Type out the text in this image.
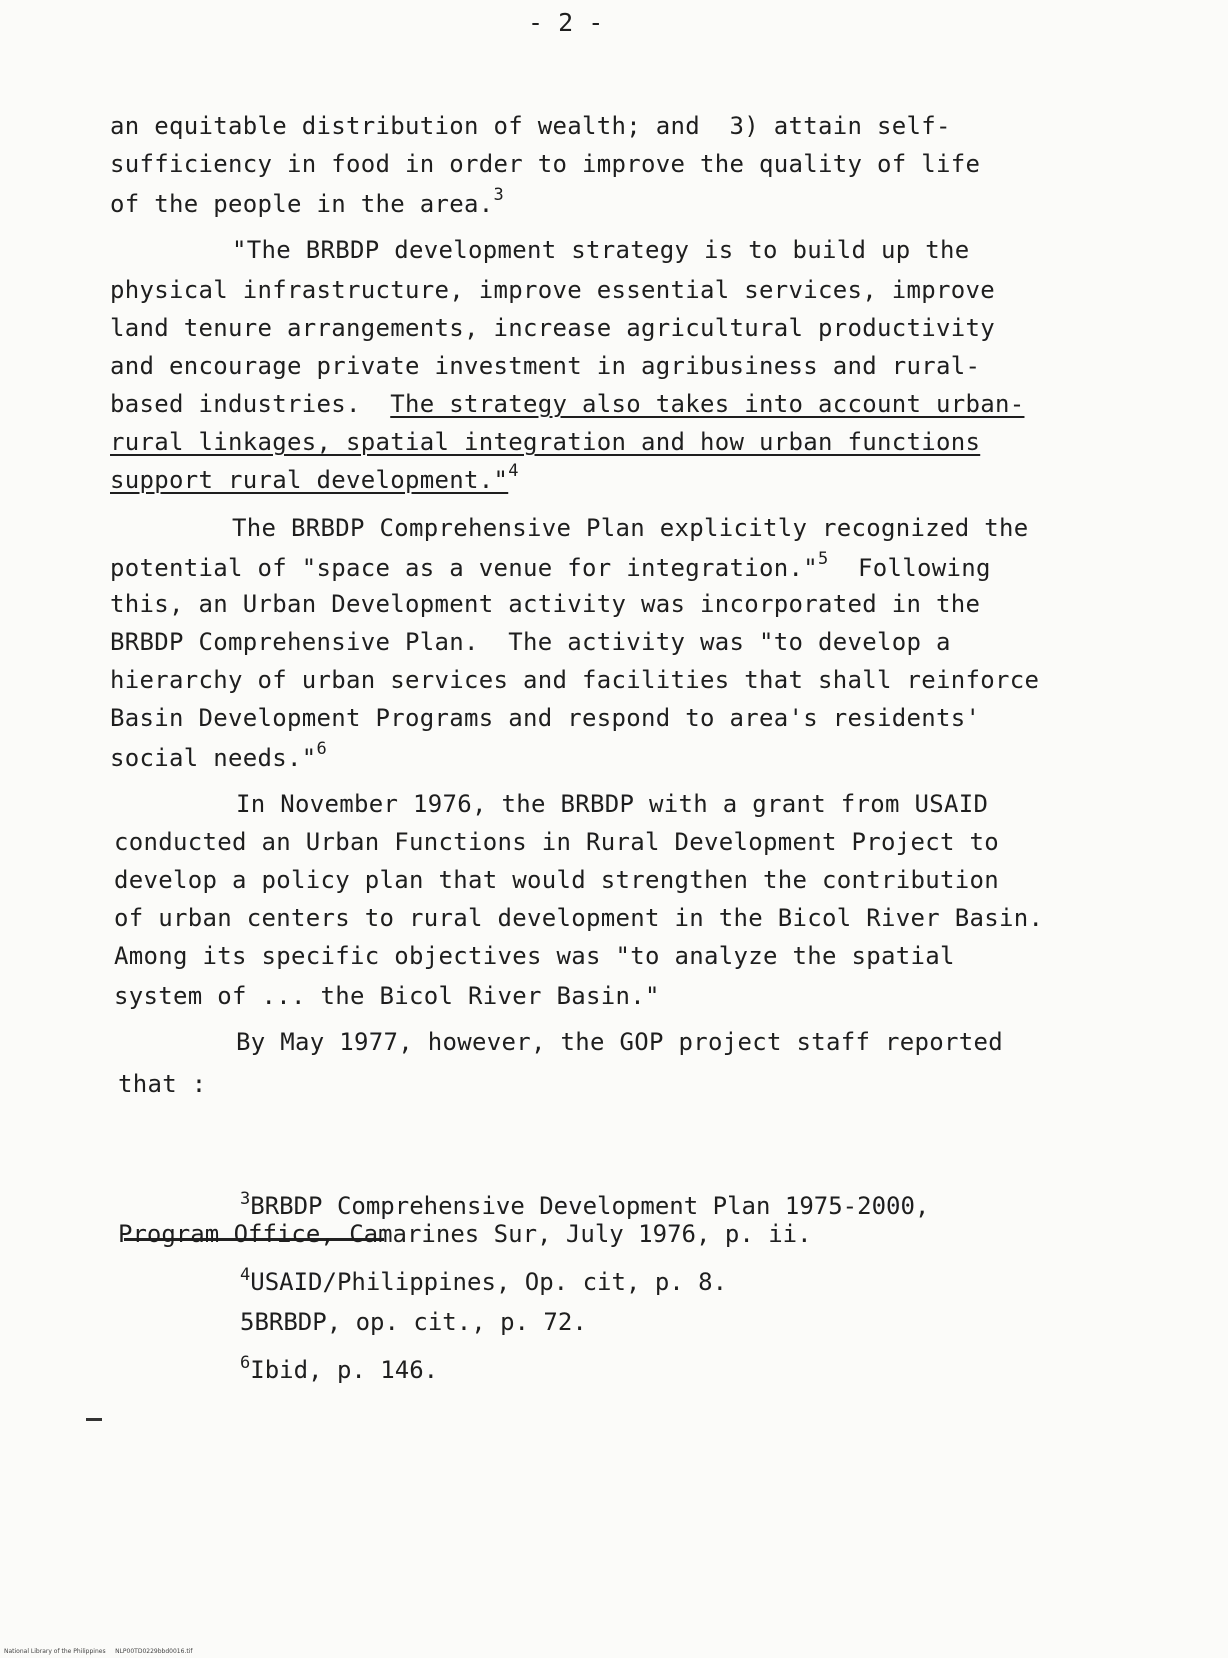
- 2 -
an equitable distribution of wealth; and  3) attain self-
sufficiency in food in order to improve the quality of life
of the people in the area.$^3$
"The BRBDP development strategy is to build up the
physical infrastructure, improve essential services, improve
land tenure arrangements, increase agricultural productivity
and encourage private investment in agribusiness and rural-
based industries.  The strategy also takes into account urban-
rural linkages, spatial integration and how urban functions
support rural development."$^4$
The BRBDP Comprehensive Plan explicitly recognized the
potential of "space as a venue for integration."$^5$  Following
this, an Urban Development activity was incorporated in the
BRBDP Comprehensive Plan.  The activity was "to develop a
hierarchy of urban services and facilities that shall reinforce
Basin Development Programs and respond to area's residents'
social needs."$^6$
In November 1976, the BRBDP with a grant from USAID
conducted an Urban Functions in Rural Development Project to
develop a policy plan that would strengthen the contribution
of urban centers to rural development in the Bicol River Basin.
Among its specific objectives was "to analyze the spatial
system of ... the Bicol River Basin."
By May 1977, however, the GOP project staff reported
that :
$^3$BRBDP Comprehensive Development Plan 1975-2000,
Program Office, Camarines Sur, July 1976, p. ii.
$^4$USAID/Philippines, Op. cit, p. 8.
5BRBDP, op. cit., p. 72.
$^6$Ibid, p. 146.
National Library of the Philippines     NLP00TD0229bbd0016.tif
